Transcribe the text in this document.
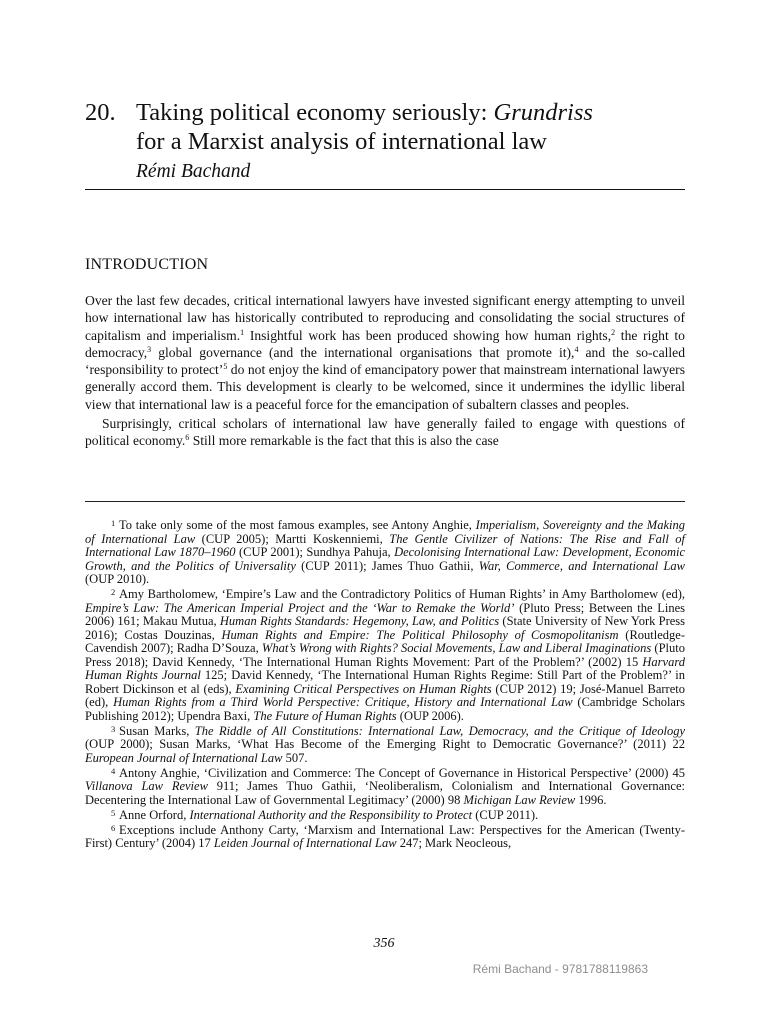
20. Taking political economy seriously: Grundriss
for a Marxist analysis of international law
Rémi Bachand
INTRODUCTION

Over the last few decades, critical international lawyers have invested significant energy attempting to unveil how international law has historically contributed to reproducing and consolidating the social structures of capitalism and imperialism.$^1$ Insightful work has been produced showing how human rights,$^2$ the right to democracy,$^3$ global governance (and the international organisations that promote it),$^4$ and the so-called ‘responsibility to protect’$^5$ do not enjoy the kind of emancipatory power that mainstream international lawyers generally accord them. This development is clearly to be welcomed, since it undermines the idyllic liberal view that international law is a peaceful force for the emancipation of subaltern classes and peoples.

Surprisingly, critical scholars of international law have generally failed to engage with questions of political economy.$^6$ Still more remarkable is the fact that this is also the case

1 To take only some of the most famous examples, see Antony Anghie, Imperialism, Sovereignty and the Making of International Law (CUP 2005); Martti Koskenniemi, The Gentle Civilizer of Nations: The Rise and Fall of International Law 1870–1960 (CUP 2001); Sundhya Pahuja, Decolonising International Law: Development, Economic Growth, and the Politics of Universality (CUP 2011); James Thuo Gathii, War, Commerce, and International Law (OUP 2010).

2 Amy Bartholomew, ‘Empire’s Law and the Contradictory Politics of Human Rights’ in Amy Bartholomew (ed), Empire’s Law: The American Imperial Project and the ‘War to Remake the World’ (Pluto Press; Between the Lines 2006) 161; Makau Mutua, Human Rights Standards: Hegemony, Law, and Politics (State University of New York Press 2016); Costas Douzinas, Human Rights and Empire: The Political Philosophy of Cosmopolitanism (Routledge-Cavendish 2007); Radha D’Souza, What’s Wrong with Rights? Social Movements, Law and Liberal Imaginations (Pluto Press 2018); David Kennedy, ‘The International Human Rights Movement: Part of the Problem?’ (2002) 15 Harvard Human Rights Journal 125; David Kennedy, ‘The International Human Rights Regime: Still Part of the Problem?’ in Robert Dickinson et al (eds), Examining Critical Perspectives on Human Rights (CUP 2012) 19; José-Manuel Barreto (ed), Human Rights from a Third World Perspective: Critique, History and International Law (Cambridge Scholars Publishing 2012); Upendra Baxi, The Future of Human Rights (OUP 2006).

3 Susan Marks, The Riddle of All Constitutions: International Law, Democracy, and the Critique of Ideology (OUP 2000); Susan Marks, ‘What Has Become of the Emerging Right to Democratic Governance?’ (2011) 22 European Journal of International Law 507.

4 Antony Anghie, ‘Civilization and Commerce: The Concept of Governance in Historical Perspective’ (2000) 45 Villanova Law Review 911; James Thuo Gathii, ‘Neoliberalism, Colonialism and International Governance: Decentering the International Law of Governmental Legitimacy’ (2000) 98 Michigan Law Review 1996.

5 Anne Orford, International Authority and the Responsibility to Protect (CUP 2011).

6 Exceptions include Anthony Carty, ‘Marxism and International Law: Perspectives for the American (Twenty-First) Century’ (2004) 17 Leiden Journal of International Law 247; Mark Neocleous,

356
Rémi Bachand - 9781788119863
